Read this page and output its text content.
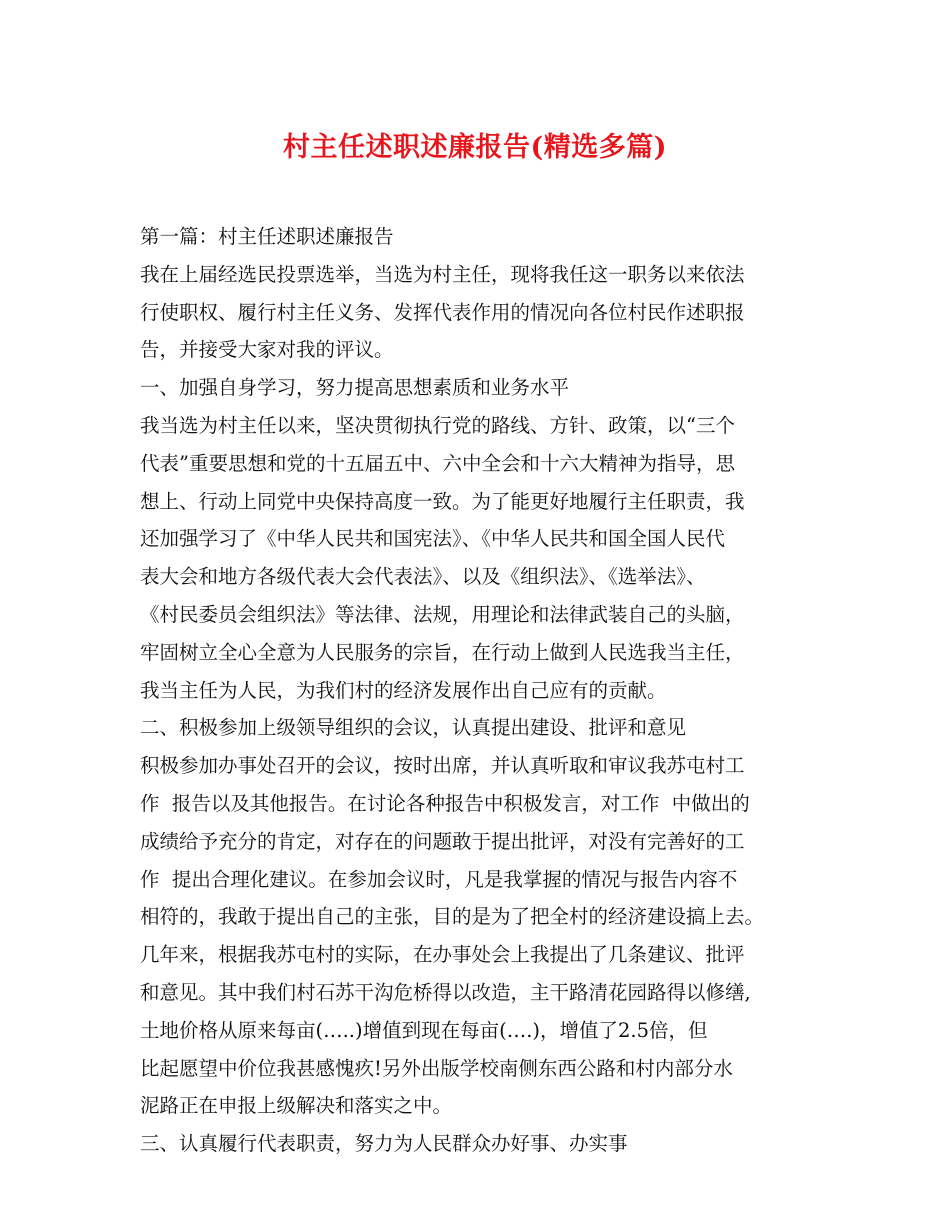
村主任述职述廉报告(精选多篇)
第一篇：村主任述职述廉报告
我在上届经选民投票选举，当选为村主任，现将我任这一职务以来依法
行使职权、履行村主任义务、发挥代表作用的情况向各位村民作述职报
告，并接受大家对我的评议。
一、加强自身学习，努力提高思想素质和业务水平
我当选为村主任以来，坚决贯彻执行党的路线、方针、政策，以“三个
代表”重要思想和党的十五届五中、六中全会和十六大精神为指导，思
想上、行动上同党中央保持高度一致。为了能更好地履行主任职责，我
还加强学习了《中华人民共和国宪法》、《中华人民共和国全国人民代
表大会和地方各级代表大会代表法》、以及《组织法》、《选举法》、
《村民委员会组织法》等法律、法规，用理论和法律武装自己的头脑，
牢固树立全心全意为人民服务的宗旨，在行动上做到人民选我当主任，
我当主任为人民，为我们村的经济发展作出自己应有的贡献。
二、积极参加上级领导组织的会议，认真提出建设、批评和意见
积极参加办事处召开的会议，按时出席，并认真听取和审议我苏屯村工
作  报告以及其他报告。在讨论各种报告中积极发言，对工作  中做出的
成绩给予充分的肯定，对存在的问题敢于提出批评，对没有完善好的工
作  提出合理化建议。在参加会议时，凡是我掌握的情况与报告内容不
相符的，我敢于提出自己的主张，目的是为了把全村的经济建设搞上去。
几年来，根据我苏屯村的实际，在办事处会上我提出了几条建议、批评
和意见。其中我们村石苏干沟危桥得以改造，主干路清花园路得以修缮,
土地价格从原来每亩(…..)增值到现在每亩(….)，增值了2.5倍，但
比起愿望中价位我甚感愧疚!另外出版学校南侧东西公路和村内部分水
泥路正在申报上级解决和落实之中。
三、认真履行代表职责，努力为人民群众办好事、办实事
